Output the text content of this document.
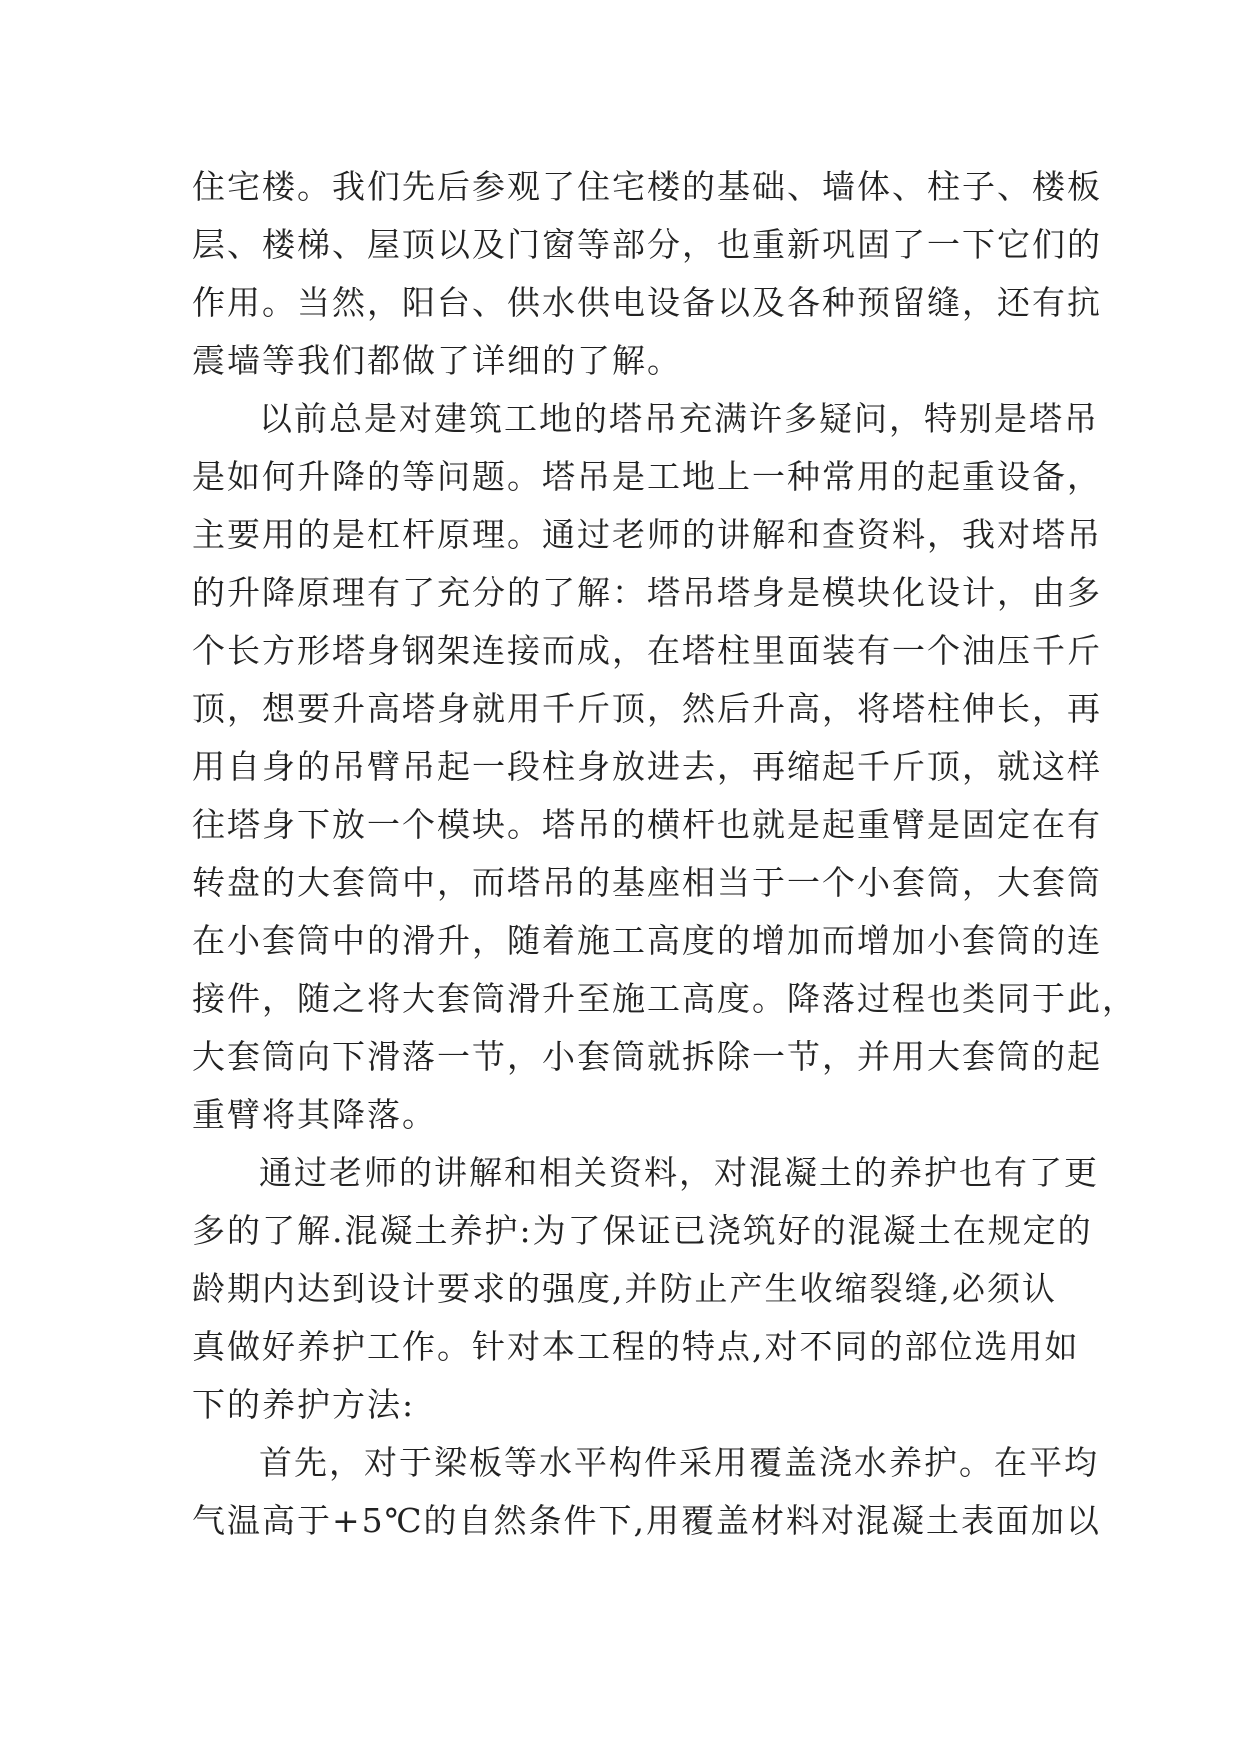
住宅楼。我们先后参观了住宅楼的基础、墙体、柱子、楼板
层、楼梯、屋顶以及门窗等部分，也重新巩固了一下它们的
作用。当然，阳台、供水供电设备以及各种预留缝，还有抗
震墙等我们都做了详细的了解。
以前总是对建筑工地的塔吊充满许多疑问，特别是塔吊
是如何升降的等问题。塔吊是工地上一种常用的起重设备，
主要用的是杠杆原理。通过老师的讲解和查资料，我对塔吊
的升降原理有了充分的了解：塔吊塔身是模块化设计，由多
个长方形塔身钢架连接而成，在塔柱里面装有一个油压千斤
顶，想要升高塔身就用千斤顶，然后升高，将塔柱伸长，再
用自身的吊臂吊起一段柱身放进去，再缩起千斤顶，就这样
往塔身下放一个模块。塔吊的横杆也就是起重臂是固定在有
转盘的大套筒中，而塔吊的基座相当于一个小套筒，大套筒
在小套筒中的滑升，随着施工高度的增加而增加小套筒的连
接件，随之将大套筒滑升至施工高度。降落过程也类同于此，
大套筒向下滑落一节，小套筒就拆除一节，并用大套筒的起
重臂将其降落。
通过老师的讲解和相关资料，对混凝土的养护也有了更
多的了解.混凝土养护:为了保证已浇筑好的混凝土在规定的
龄期内达到设计要求的强度,并防止产生收缩裂缝,必须认
真做好养护工作。针对本工程的特点,对不同的部位选用如
下的养护方法:
首先，对于梁板等水平构件采用覆盖浇水养护。在平均
气温高于+5℃的自然条件下,用覆盖材料对混凝土表面加以
